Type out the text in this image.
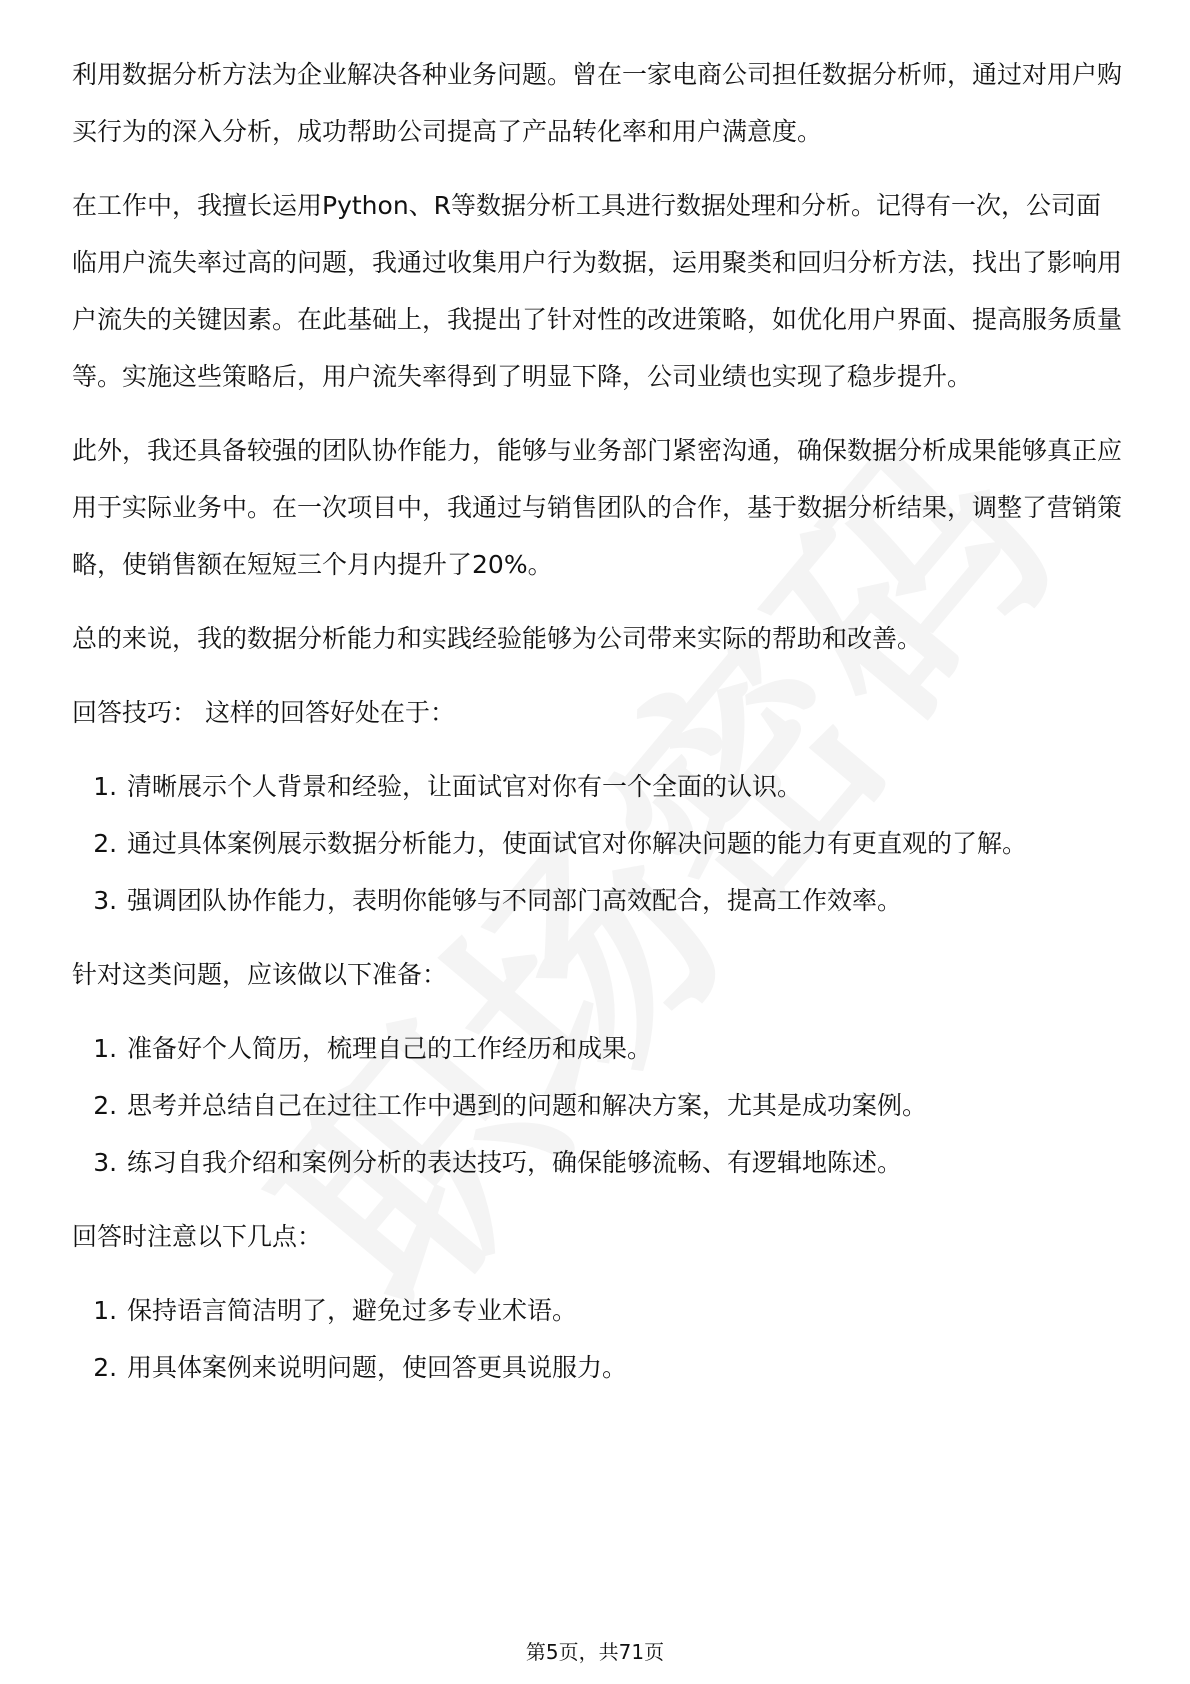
利用数据分析方法为企业解决各种业务问题。曾在一家电商公司担任数据分析师，通过对用户购买行为的深入分析，成功帮助公司提高了产品转化率和用户满意度。

在工作中，我擅长运用Python、R等数据分析工具进行数据处理和分析。记得有一次，公司面临用户流失率过高的问题，我通过收集用户行为数据，运用聚类和回归分析方法，找出了影响用户流失的关键因素。在此基础上，我提出了针对性的改进策略，如优化用户界面、提高服务质量等。实施这些策略后，用户流失率得到了明显下降，公司业绩也实现了稳步提升。

此外，我还具备较强的团队协作能力，能够与业务部门紧密沟通，确保数据分析成果能够真正应用于实际业务中。在一次项目中，我通过与销售团队的合作，基于数据分析结果，调整了营销策略，使销售额在短短三个月内提升了20%。

总的来说，我的数据分析能力和实践经验能够为公司带来实际的帮助和改善。

回答技巧： 这样的回答好处在于：

1. 清晰展示个人背景和经验，让面试官对你有一个全面的认识。
2. 通过具体案例展示数据分析能力，使面试官对你解决问题的能力有更直观的了解。
3. 强调团队协作能力，表明你能够与不同部门高效配合，提高工作效率。

针对这类问题，应该做以下准备：

1. 准备好个人简历，梳理自己的工作经历和成果。
2. 思考并总结自己在过往工作中遇到的问题和解决方案，尤其是成功案例。
3. 练习自我介绍和案例分析的表达技巧，确保能够流畅、有逻辑地陈述。

回答时注意以下几点：

1. 保持语言简洁明了，避免过多专业术语。
2. 用具体案例来说明问题，使回答更具说服力。
第5页，共71页
